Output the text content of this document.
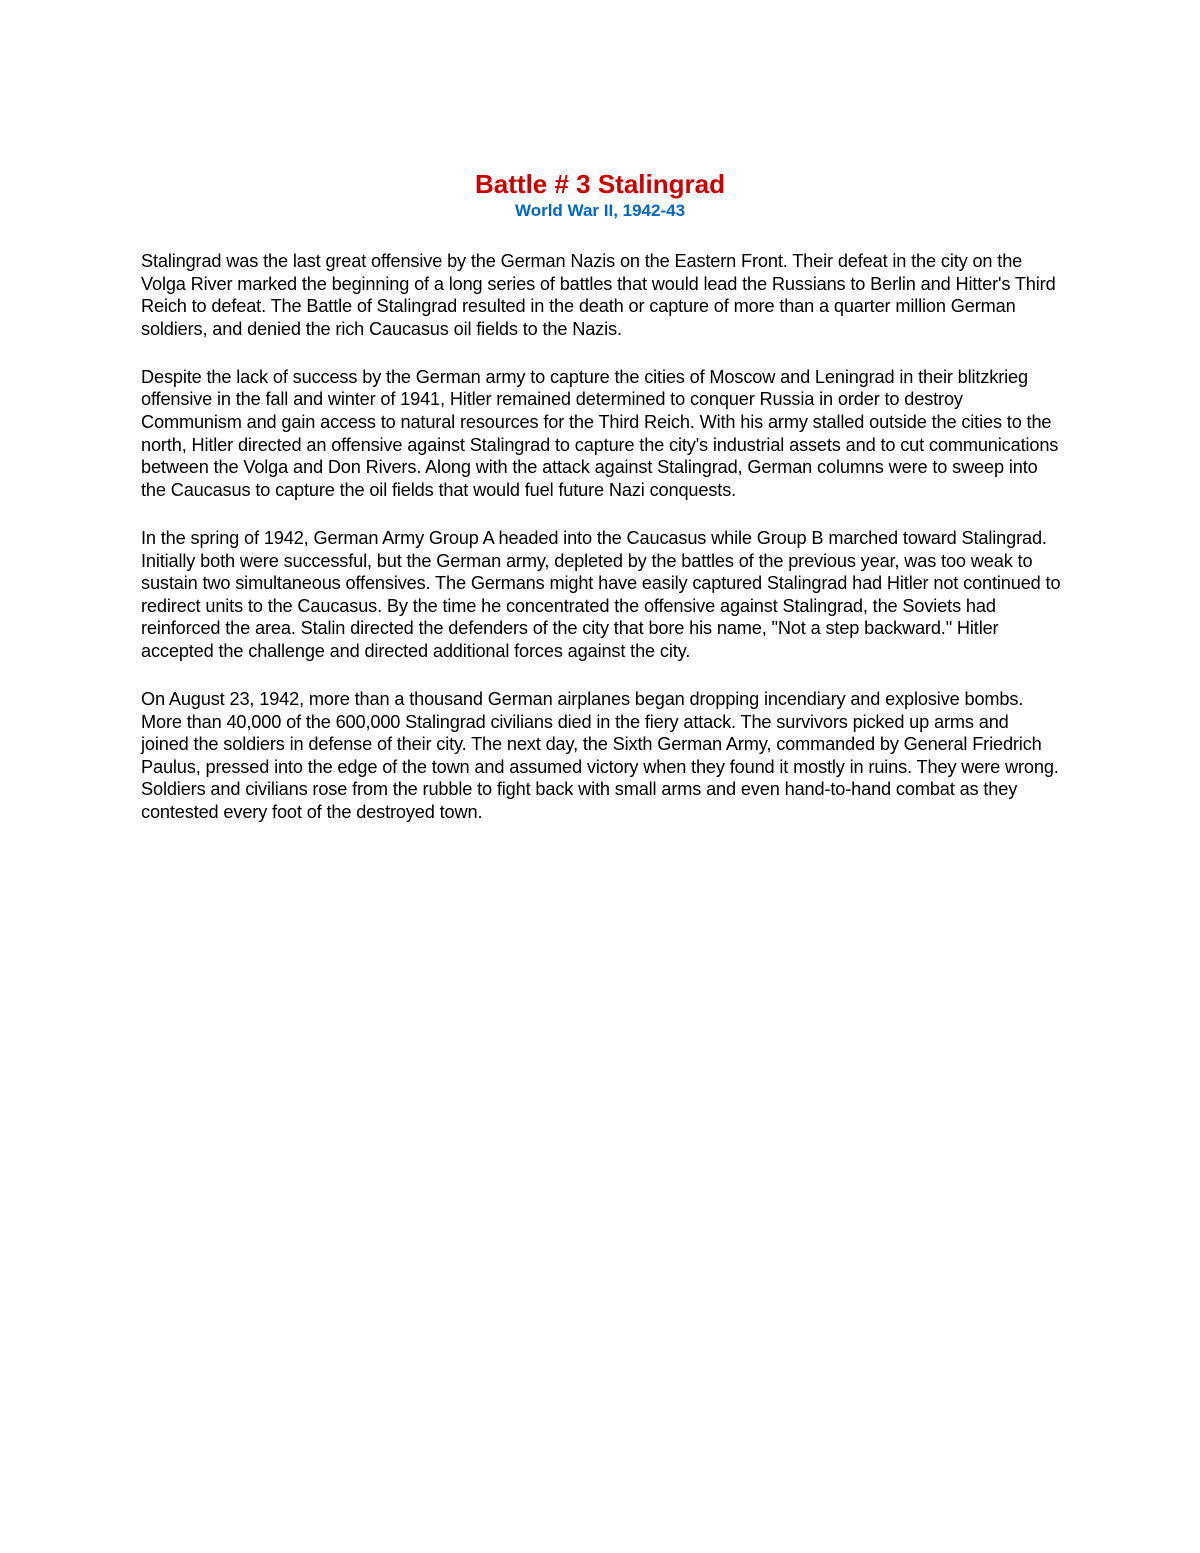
Battle # 3 Stalingrad
World War II, 1942-43

Stalingrad was the last great offensive by the German Nazis on the Eastern Front. Their defeat in the city on the Volga River marked the beginning of a long series of battles that would lead the Russians to Berlin and Hitter's Third Reich to defeat. The Battle of Stalingrad resulted in the death or capture of more than a quarter million German soldiers, and denied the rich Caucasus oil fields to the Nazis.

Despite the lack of success by the German army to capture the cities of Moscow and Leningrad in their blitzkrieg offensive in the fall and winter of 1941, Hitler remained determined to conquer Russia in order to destroy Communism and gain access to natural resources for the Third Reich. With his army stalled outside the cities to the north, Hitler directed an offensive against Stalingrad to capture the city's industrial assets and to cut communications between the Volga and Don Rivers. Along with the attack against Stalingrad, German columns were to sweep into the Caucasus to capture the oil fields that would fuel future Nazi conquests.

In the spring of 1942, German Army Group A headed into the Caucasus while Group B marched toward Stalingrad. Initially both were successful, but the German army, depleted by the battles of the previous year, was too weak to sustain two simultaneous offensives. The Germans might have easily captured Stalingrad had Hitler not continued to redirect units to the Caucasus. By the time he concentrated the offensive against Stalingrad, the Soviets had reinforced the area. Stalin directed the defenders of the city that bore his name, "Not a step backward." Hitler accepted the challenge and directed additional forces against the city.

On August 23, 1942, more than a thousand German airplanes began dropping incendiary and explosive bombs. More than 40,000 of the 600,000 Stalingrad civilians died in the fiery attack. The survivors picked up arms and joined the soldiers in defense of their city. The next day, the Sixth German Army, commanded by General Friedrich Paulus, pressed into the edge of the town and assumed victory when they found it mostly in ruins. They were wrong. Soldiers and civilians rose from the rubble to fight back with small arms and even hand-to-hand combat as they contested every foot of the destroyed town.
